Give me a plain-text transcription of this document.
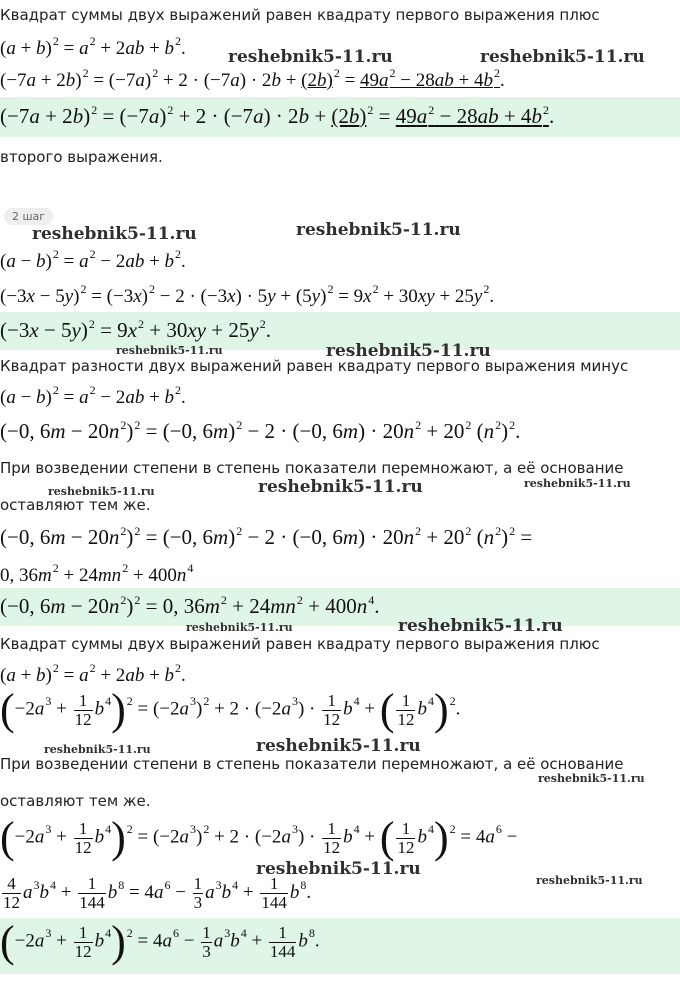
Квадрат суммы двух выражений равен квадрату первого выражения плюс
$(a + b)^2 = a^2 + 2ab + b^2$.
$(-7a + 2b)^2 = (-7a)^2 + 2 \cdot (-7a) \cdot 2b + (2b)^2 = 49a^2 - 28ab + 4b^2$.
$(-7a + 2b)^2 = (-7a)^2 + 2 \cdot (-7a) \cdot 2b + (2b)^2 = 49a^2 - 28ab + 4b^2$.
второго выражения.
2 шаг
$(a - b)^2 = a^2 - 2ab + b^2$.
$(-3x - 5y)^2 = (-3x)^2 - 2 \cdot (-3x) \cdot 5y + (5y)^2 = 9x^2 + 30xy + 25y^2$.
$(-3x - 5y)^2 = 9x^2 + 30xy + 25y^2$.
Квадрат разности двух выражений равен квадрату первого выражения минус
$(a - b)^2 = a^2 - 2ab + b^2$.
(−0, $6m - 20n^2)^2 = (-0$, 6m)$^2$ − 2 · (−0, $6m) \cdot 20n^2 + 20^2$ $(n^2)^2$.
При возведении степени в степень показатели перемножают, а её основание
оставляют тем же.
(−0, $6m - 20n^2)^2 = (-0$, 6m)$^2$ − 2 · (−0, $6m) \cdot 20n^2 + 20^2$ $(n^2)^2$ =
0, $36m^2 + 24mn^2 + 400n^4$
(−0, $6m - 20n^2)^2 = 0$, $36m^2 + 24mn^2 + 400n^4$.
Квадрат суммы двух выражений равен квадрату первого выражения плюс
$(a + b)^2 = a^2 + 2ab + b^2$.
$(-2a^3 + \frac{1}{12} b^4)^2 = (-2a^3)^2 + 2 \cdot (-2a^3) \cdot \frac{1}{12} b^4$ + ( $\frac{1}{12} b^4)^2$.
При возведении степени в степень показатели перемножают, а её основание
оставляют тем же.
$(-2a^3 + \frac{1}{12} b^4)^2 = (-2a^3)^2 + 2 \cdot (-2a^3) \cdot \frac{1}{12} b^4$ + ( $\frac{1}{12} b^4)^2 = 4a^6$ −
$\frac{4}{12} a^3b^4 + \frac{1}{144} b^8 = 4a^6 - \frac{1}{3} a^3b^4 + \frac{1}{144} b^8$.
$(-2a^3 + \frac{1}{12} b^4)^2 = 4a^6 - \frac{1}{3} a^3b^4 + \frac{1}{144} b^8$.
reshebnik5-11.ru	reshebnik5-11.ru
reshebnik5-11.ru	reshebnik5-11.ru
reshebnik5-11.ru	reshebnik5-11.ru
reshebnik5-11.ru	reshebnik5-11.ru	reshebnik5-11.ru
reshebnik5-11.ru	reshebnik5-11.ru
reshebnik5-11.ru	reshebnik5-11.ru
reshebnik5-11.ru
reshebnik5-11.ru
reshebnik5-11.ru
